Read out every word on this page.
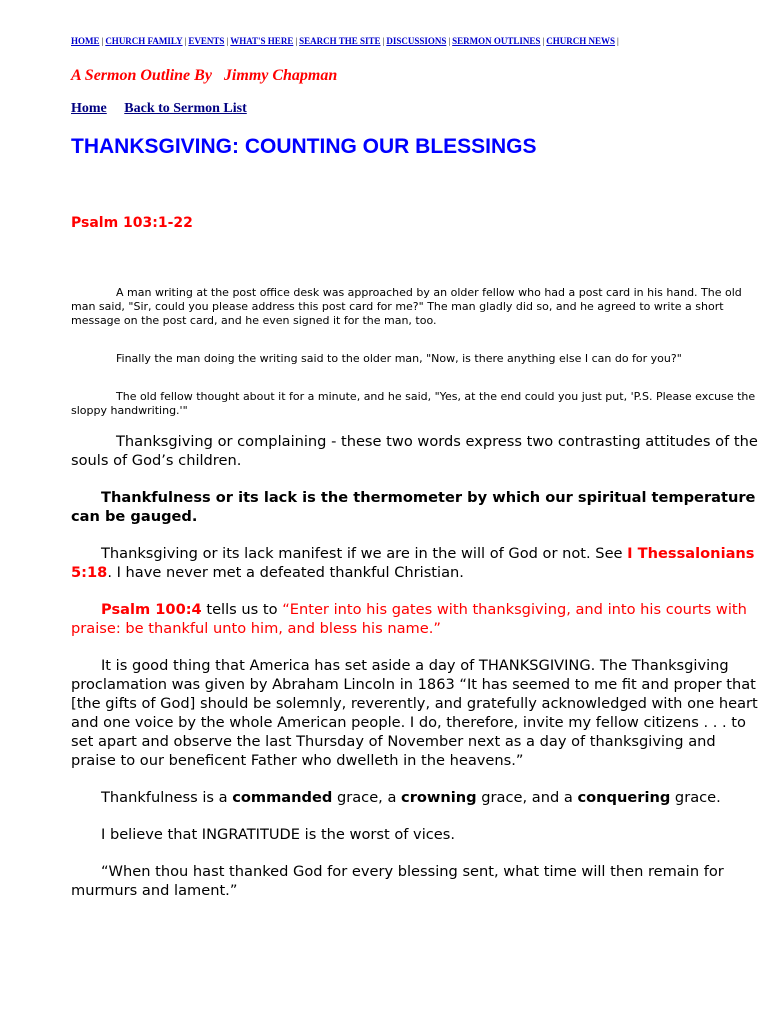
HOME | CHURCH FAMILY | EVENTS | WHAT'S HERE | SEARCH THE SITE | DISCUSSIONS | SERMON OUTLINES | CHURCH NEWS |

A Sermon Outline By   Jimmy Chapman

Home Back to Sermon List

THANKSGIVING: COUNTING OUR BLESSINGS

Psalm 103:1-22

A man writing at the post office desk was approached by an older fellow who had a post card in his hand. The old man said, "Sir, could you please address this post card for me?" The man gladly did so, and he agreed to write a short message on the post card, and he even signed it for the man, too.

Finally the man doing the writing said to the older man, "Now, is there anything else I can do for you?"

The old fellow thought about it for a minute, and he said, "Yes, at the end could you just put, 'P.S. Please excuse the sloppy handwriting.'"

Thanksgiving or complaining - these two words express two contrasting attitudes of the souls of God’s children.

Thankfulness or its lack is the thermometer by which our spiritual temperature can be gauged.

Thanksgiving or its lack manifest if we are in the will of God or not. See I Thessalonians 5:18. I have never met a defeated thankful Christian.

Psalm 100:4 tells us to “Enter into his gates with thanksgiving, and into his courts with praise: be thankful unto him, and bless his name.”

It is good thing that America has set aside a day of THANKSGIVING. The Thanksgiving proclamation was given by Abraham Lincoln in 1863 “It has seemed to me fit and proper that [the gifts of God] should be solemnly, reverently, and gratefully acknowledged with one heart and one voice by the whole American people. I do, therefore, invite my fellow citizens . . . to set apart and observe the last Thursday of November next as a day of thanksgiving and praise to our beneficent Father who dwelleth in the heavens.”

Thankfulness is a commanded grace, a crowning grace, and a conquering grace.

I believe that INGRATITUDE is the worst of vices.

“When thou hast thanked God for every blessing sent, what time will then remain for murmurs and lament.”
